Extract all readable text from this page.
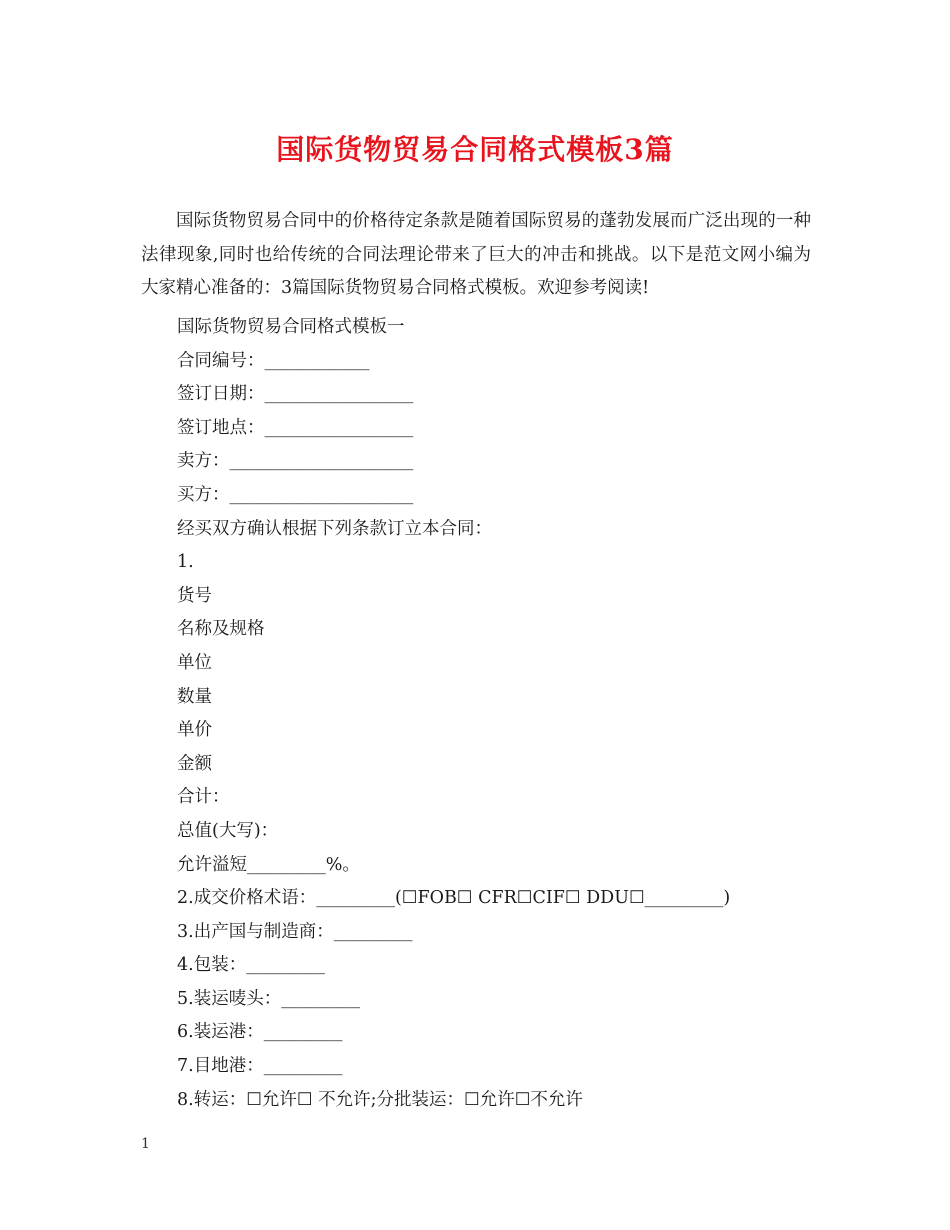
国际货物贸易合同格式模板3篇
国际货物贸易合同中的价格待定条款是随着国际贸易的蓬勃发展而广泛出现的一种法律现象,同时也给传统的合同法理论带来了巨大的冲击和挑战。以下是范文网小编为大家精心准备的：3篇国际货物贸易合同格式模板。欢迎参考阅读!
国际货物贸易合同格式模板一
合同编号：____________
签订日期：_________________
签订地点：_________________
卖方：_____________________
买方：_____________________
经买双方确认根据下列条款订立本合同：
1.
货号
名称及规格
单位
数量
单价
金额
合计：
总值(大写)：
允许溢短_________%。
2.成交价格术语：_________(☐FOB☐ CFR☐CIF☐ DDU☐_________)
3.出产国与制造商：_________
4.包装：_________
5.装运唛头：_________
6.装运港：_________
7.目地港：_________
8.转运：☐允许☐ 不允许;分批装运：☐允许☐不允许
1
